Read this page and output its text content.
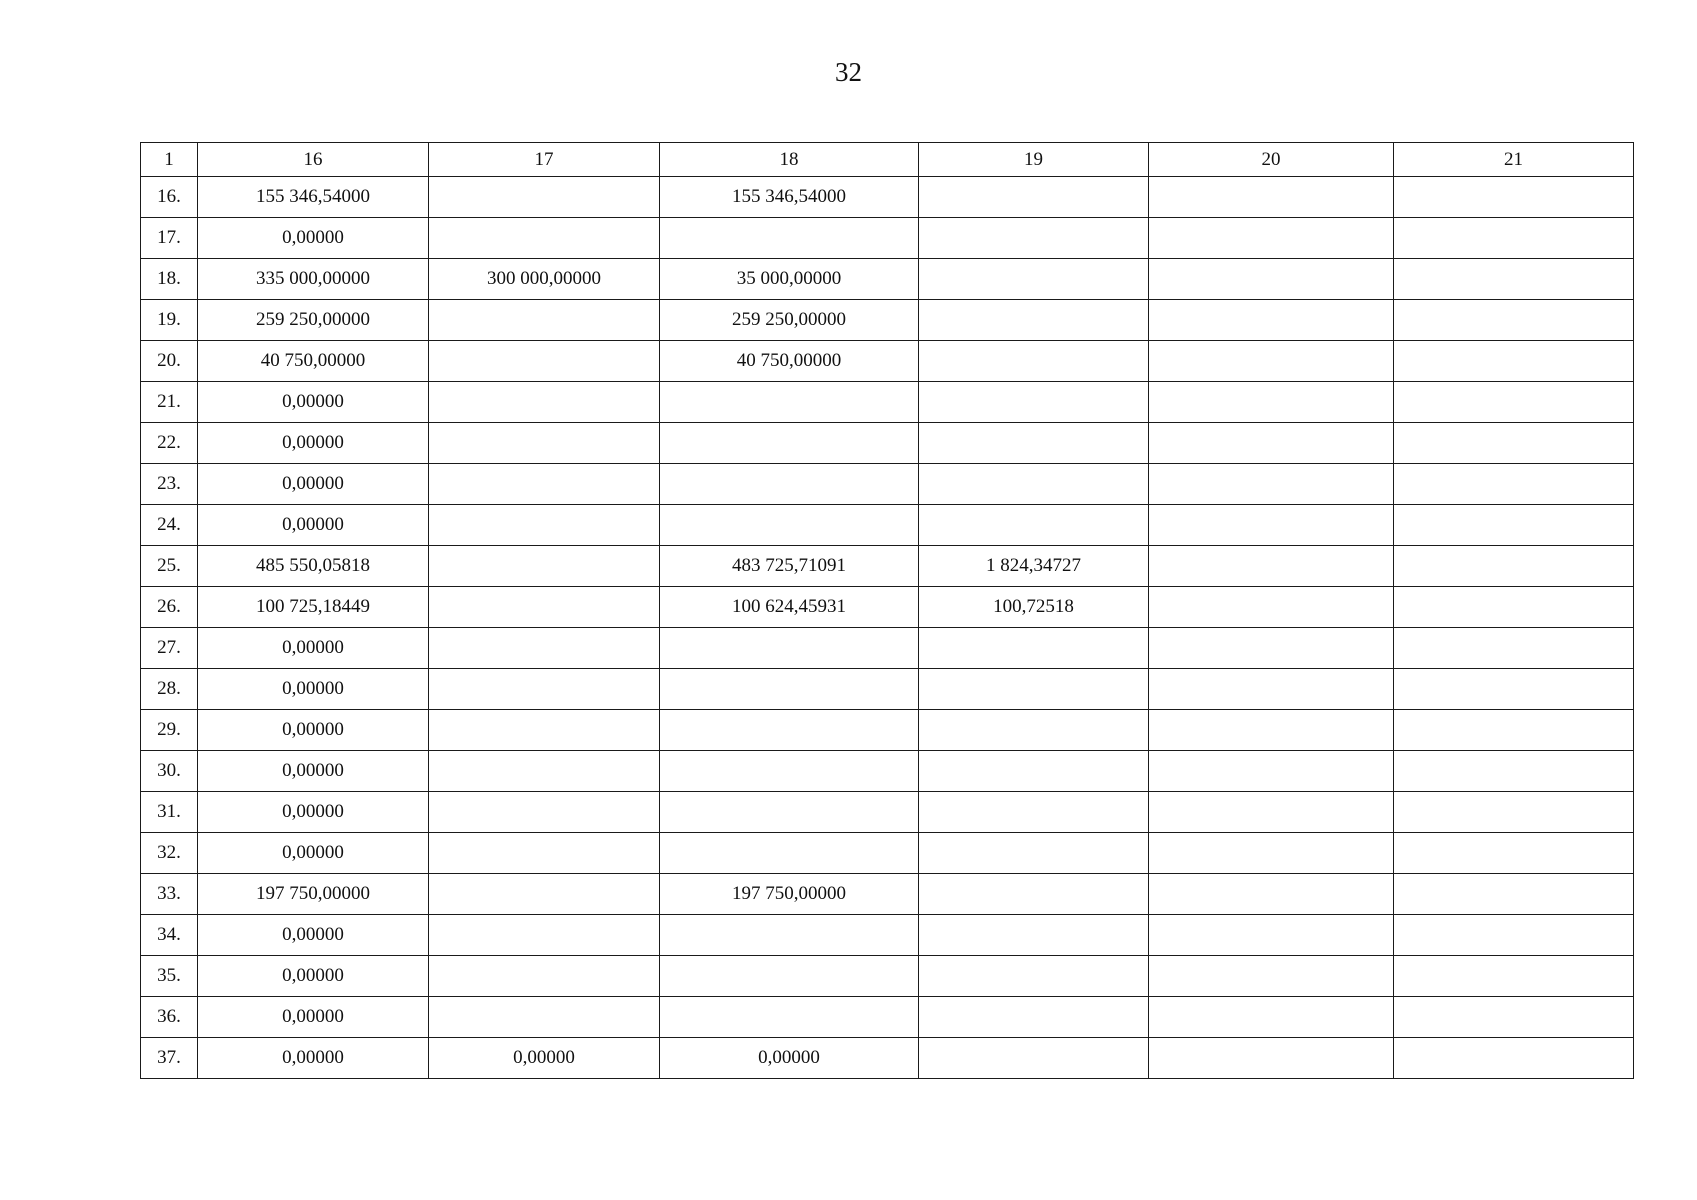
32
1	16	17	18	19	20	21
16.	155 346,54000		155 346,54000			
17.	0,00000					
18.	335 000,00000	300 000,00000	35 000,00000			
19.	259 250,00000		259 250,00000			
20.	40 750,00000		40 750,00000			
21.	0,00000					
22.	0,00000					
23.	0,00000					
24.	0,00000					
25.	485 550,05818		483 725,71091	1 824,34727		
26.	100 725,18449		100 624,45931	100,72518		
27.	0,00000					
28.	0,00000					
29.	0,00000					
30.	0,00000					
31.	0,00000					
32.	0,00000					
33.	197 750,00000		197 750,00000			
34.	0,00000					
35.	0,00000					
36.	0,00000					
37.	0,00000	0,00000	0,00000			
